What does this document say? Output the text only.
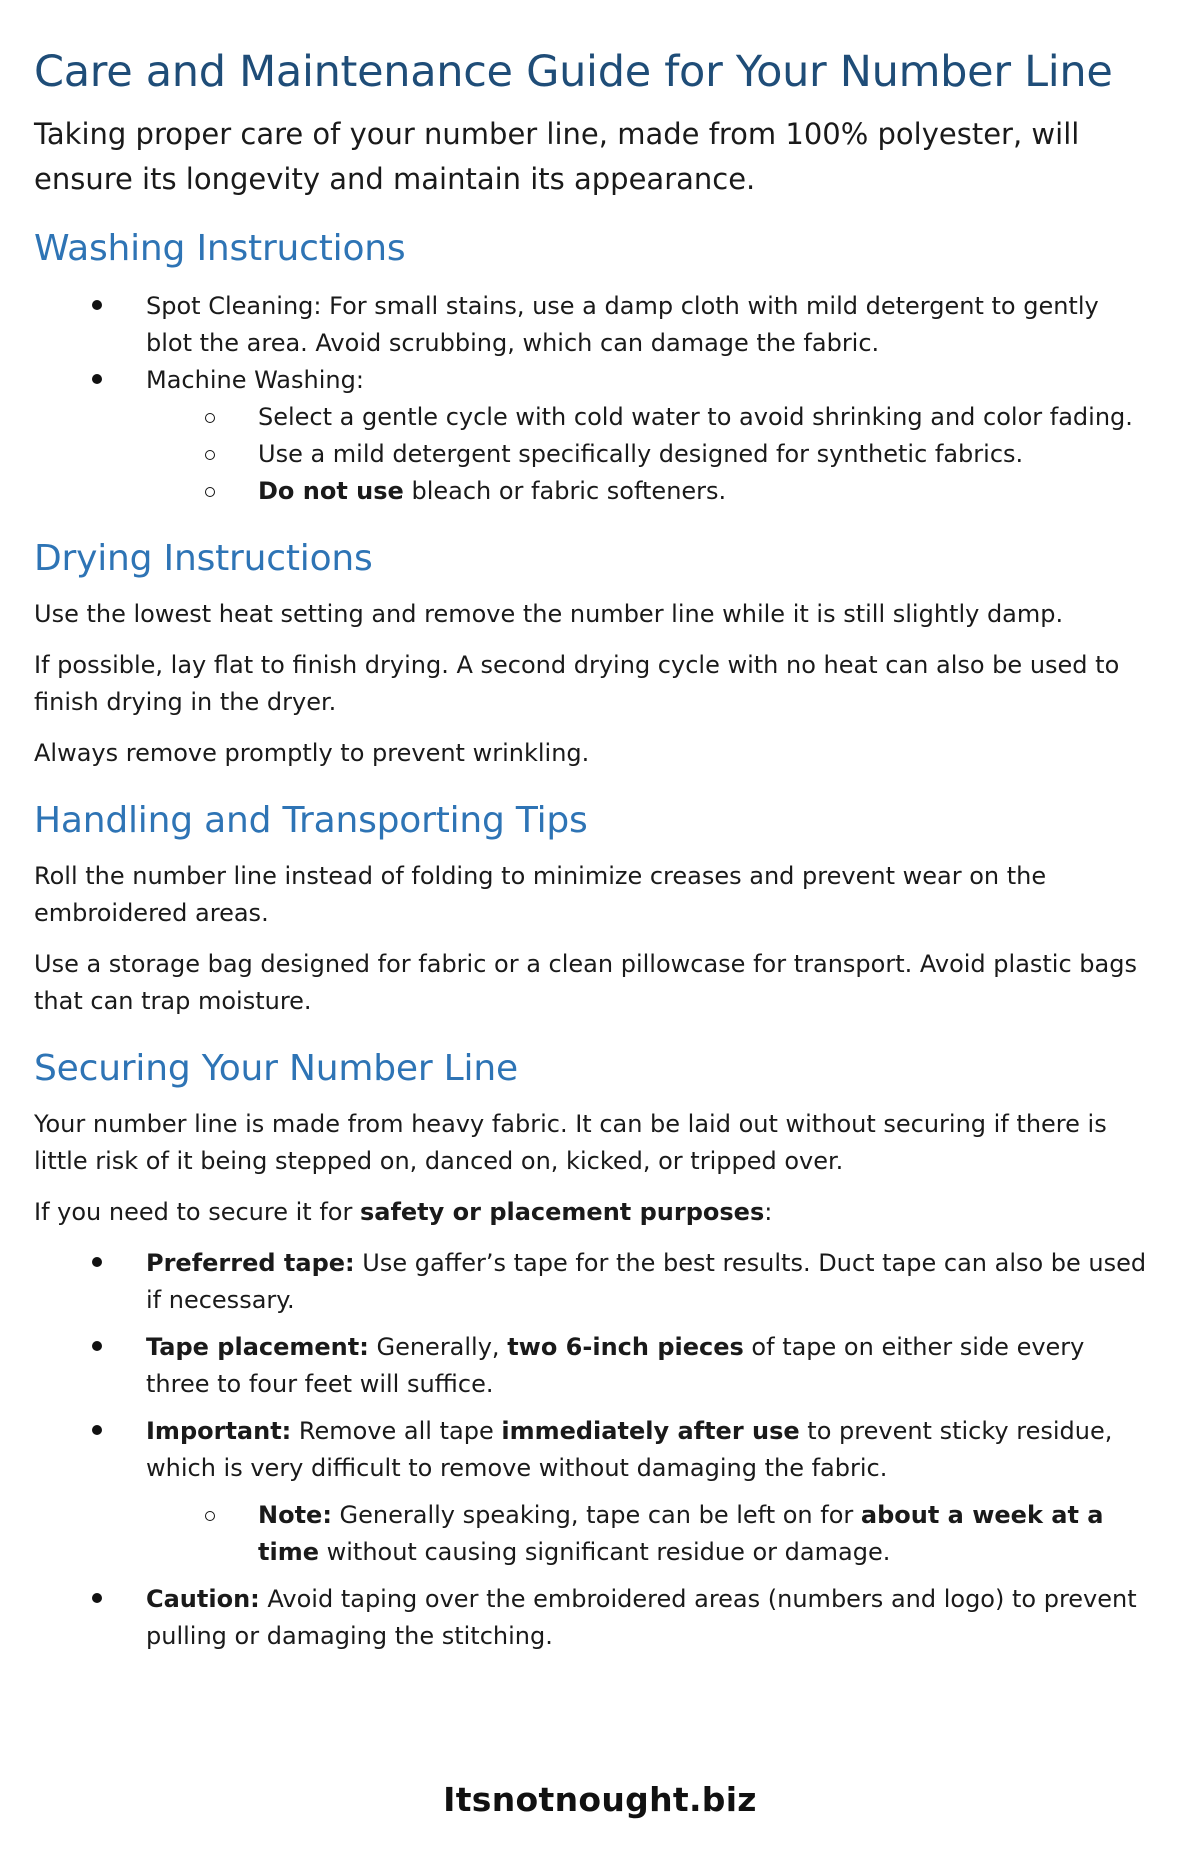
Care and Maintenance Guide for Your Number Line

Taking proper care of your number line, made from 100% polyester, will ensure its longevity and maintain its appearance.

Washing Instructions
Spot Cleaning: For small stains, use a damp cloth with mild detergent to gently blot the area. Avoid scrubbing, which can damage the fabric.
Machine Washing:
Select a gentle cycle with cold water to avoid shrinking and color fading.
Use a mild detergent specifically designed for synthetic fabrics.
Do not use bleach or fabric softeners.
Drying Instructions

Use the lowest heat setting and remove the number line while it is still slightly damp.

If possible, lay flat to finish drying. A second drying cycle with no heat can also be used to finish drying in the dryer.

Always remove promptly to prevent wrinkling.

Handling and Transporting Tips

Roll the number line instead of folding to minimize creases and prevent wear on the embroidered areas.

Use a storage bag designed for fabric or a clean pillowcase for transport. Avoid plastic bags that can trap moisture.

Securing Your Number Line

Your number line is made from heavy fabric. It can be laid out without securing if there is little risk of it being stepped on, danced on, kicked, or tripped over.

If you need to secure it for safety or placement purposes:

Preferred tape: Use gaffer’s tape for the best results. Duct tape can also be used if necessary.
Tape placement: Generally, two 6-inch pieces of tape on either side every three to four feet will suffice.
Important: Remove all tape immediately after use to prevent sticky residue, which is very difficult to remove without damaging the fabric.
Note: Generally speaking, tape can be left on for about a week at a time without causing significant residue or damage.
Caution: Avoid taping over the embroidered areas (numbers and logo) to prevent pulling or damaging the stitching.
Itsnotnought.biz
